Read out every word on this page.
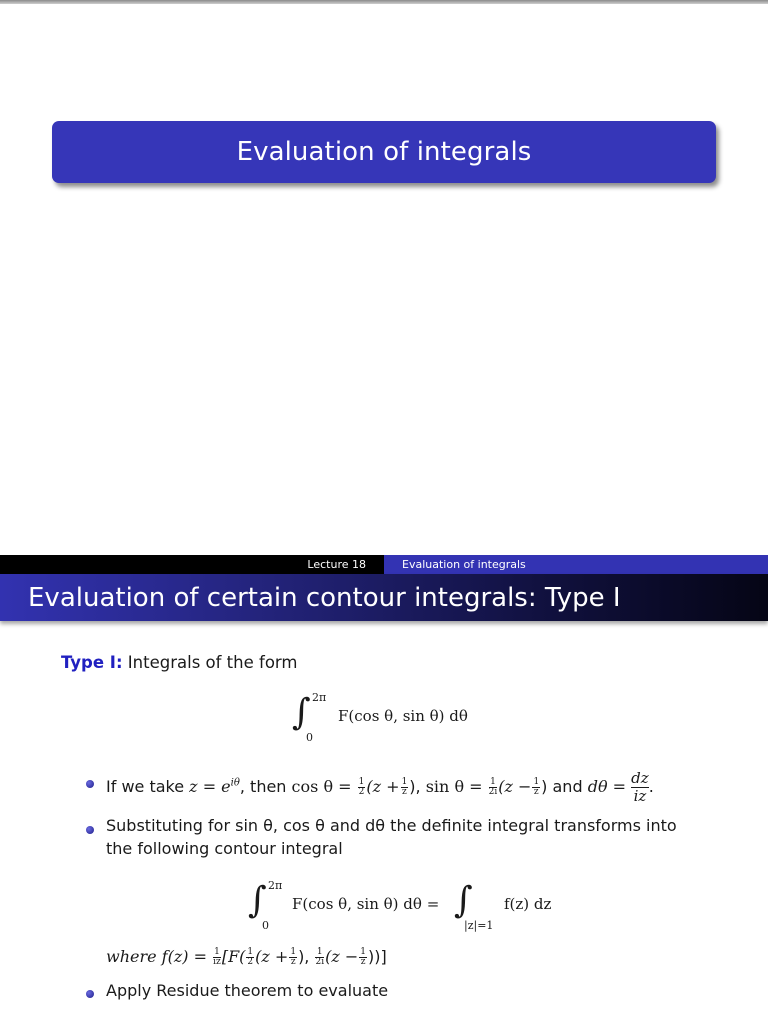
Evaluation of integrals
Lecture 18	Evaluation of integrals
Evaluation of certain contour integrals: Type I
Type I: Integrals of the form
∫ 2π
0
F(cos θ, sin θ) dθ
If we take $z = e^{i\theta}$, then $\cos \theta = \frac{1}{2} (z + \frac{1}{z}$ ), $\sin \theta = \frac{1}{2i} (z - \frac{1}{z}$ ) and $d\theta = \frac{dz}{iz}$ .
Substituting for sin θ, cos θ and dθ the definite integral transforms into
the following contour integral
∫ 2π
0
F(cos θ, sin θ) dθ = ∫
|z|=1
f(z) dz
where $f(z) = \frac{1}{iz} [F( \frac{1}{2} (z + \frac{1}{z}$ ), $\frac{1}{2i} (z - \frac{1}{z}$ ))]
Apply Residue theorem to evaluate
